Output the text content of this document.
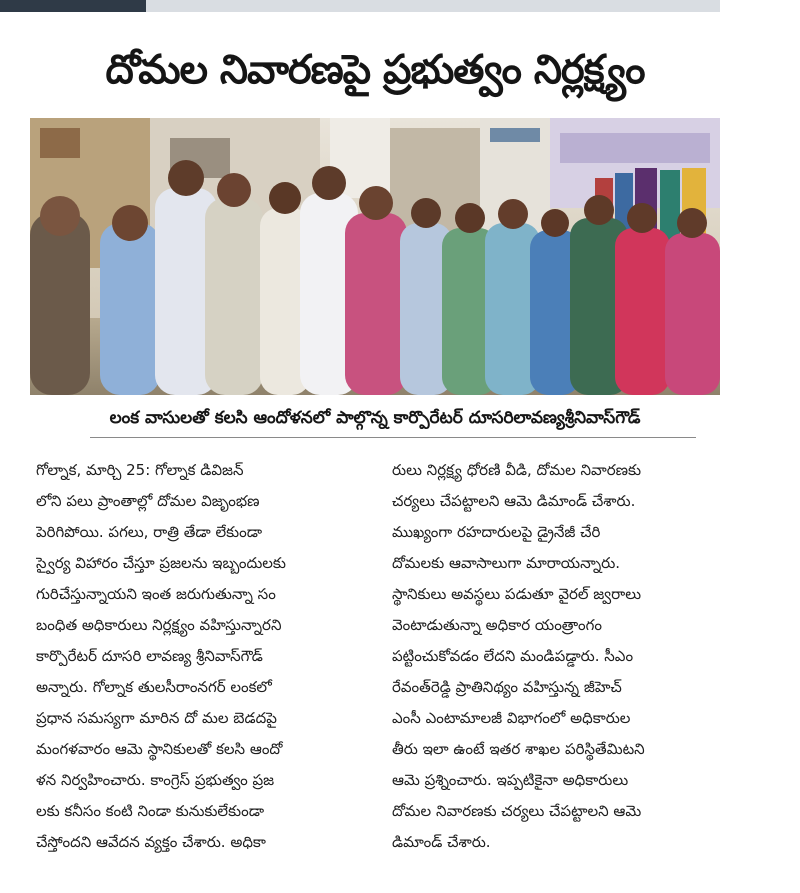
దోమల నివారణపై ప్రభుత్వం నిర్లక్ష్యం
లంక వాసులతో కలసి ఆందోళనలో పాల్గొన్న కార్పొరేటర్ దూసరిలావణ్యశ్రీనివాస్‌గౌడ్
గోల్నాక, మార్చి 25: గోల్నాక డివిజన్
లోని పలు ప్రాంతాల్లో దోమల విజృంభణ
పెరిగిపోయి. పగలు, రాత్రి తేడా లేకుండా
స్వైర్య విహారం చేస్తూ ప్రజలను ఇబ్బందులకు
గురిచేస్తున్నాయని ఇంత జరుగుతున్నా సం
బంధిత అధికారులు నిర్లక్ష్యం వహిస్తున్నారని
కార్పొరేటర్ దూసరి లావణ్య శ్రీనివాస్‌గౌడ్
అన్నారు. గోల్నాక తులసీరాంనగర్ లంకలో
ప్రధాన సమస్యగా మారిన దో మల బెడదపై
మంగళవారం ఆమె స్థానికులతో కలసి ఆందో
ళన నిర్వహించారు. కాంగ్రెస్ ప్రభుత్వం ప్రజ
లకు కనీసం కంటి నిండా కునుకులేకుండా
చేస్తోందని ఆవేదన వ్యక్తం చేశారు. అధికా
రులు నిర్లక్ష్య ధోరణి వీడి, దోమల నివారణకు
చర్యలు చేపట్టాలని ఆమె డిమాండ్ చేశారు.
ముఖ్యంగా రహదారులపై డ్రైనేజీ చేరి
దోమలకు ఆవాసాలుగా మారాయన్నారు.
స్థానికులు అవస్థలు పడుతూ వైరల్ జ్వరాలు
వెంటాడుతున్నా అధికార యంత్రాంగం
పట్టించుకోవడం లేదని మండిపడ్డారు. సీఎం
రేవంత్‌రెడ్డి ప్రాతినిథ్యం వహిస్తున్న జీహెచ్
ఎంసీ ఎంటామాలజీ విభాగంలో అధికారుల
తీరు ఇలా ఉంటే ఇతర శాఖల పరిస్థితేమిటని
ఆమె ప్రశ్నించారు. ఇప్పటికైనా అధికారులు
దోమల నివారణకు చర్యలు చేపట్టాలని ఆమె
డిమాండ్ చేశారు.
